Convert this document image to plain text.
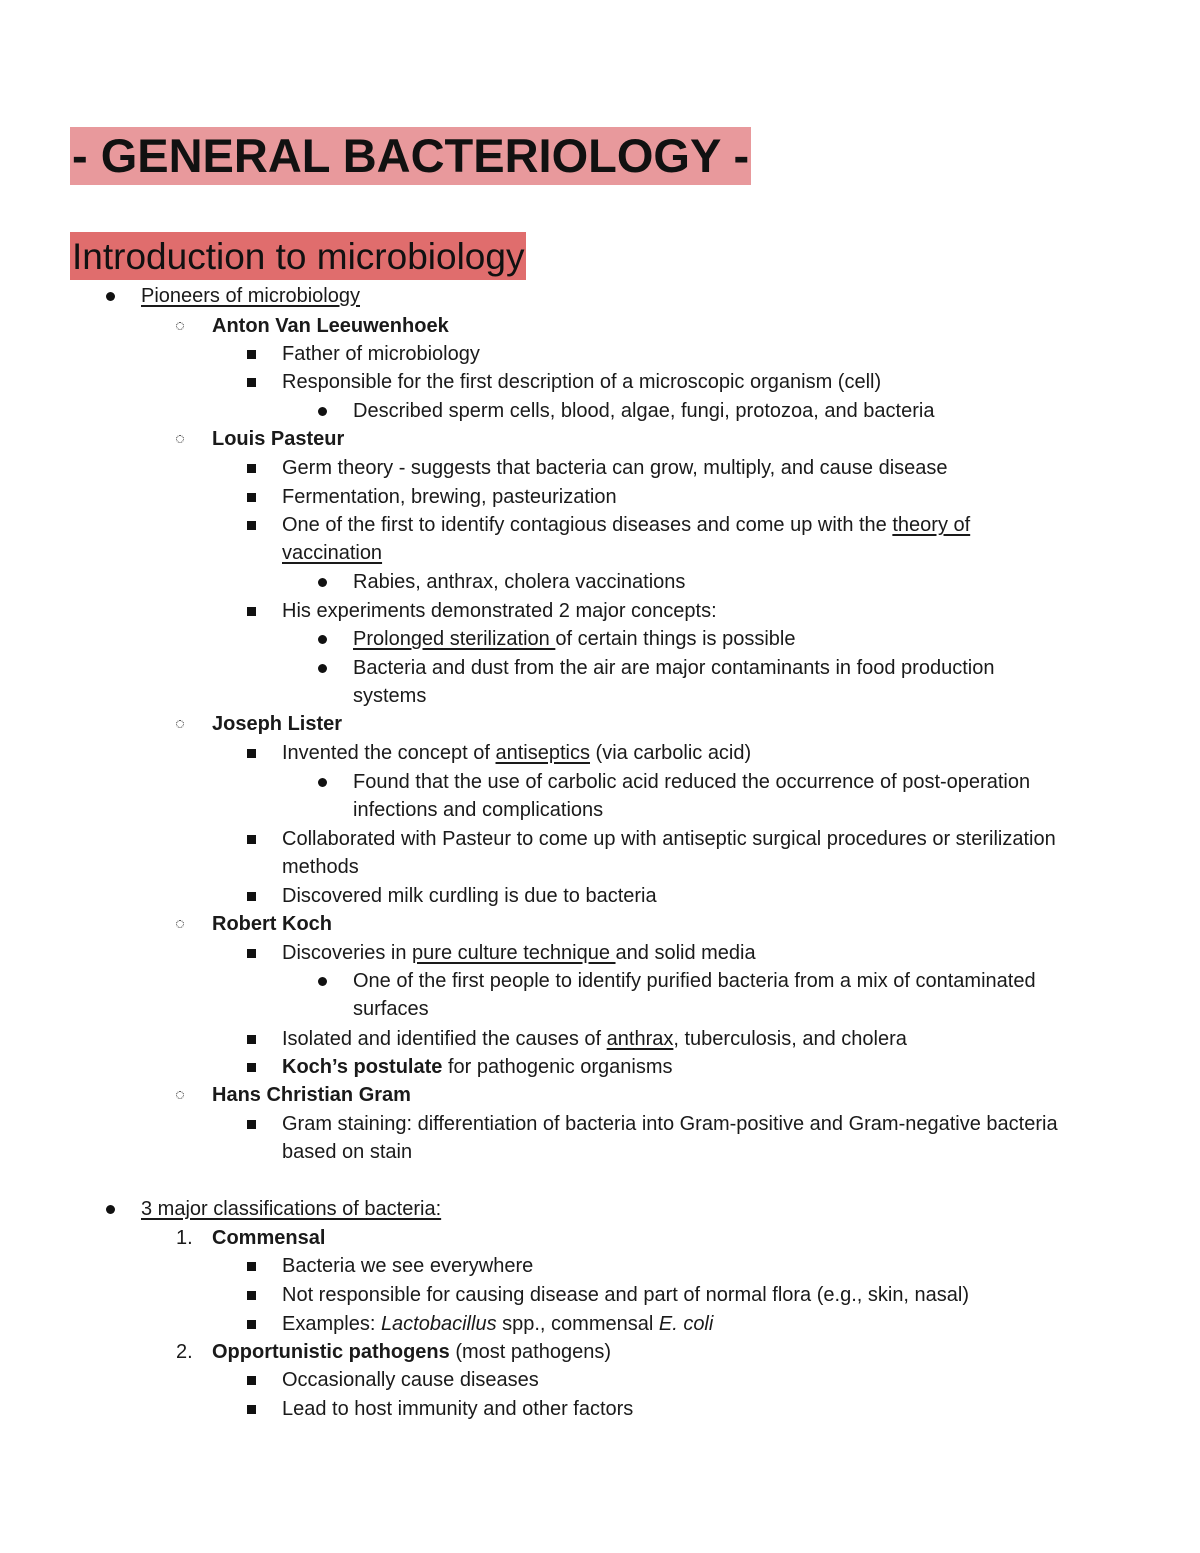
- GENERAL BACTERIOLOGY -
Introduction to microbiology
Pioneers of microbiology
Anton Van Leeuwenhoek
Father of microbiology
Responsible for the first description of a microscopic organism (cell)
Described sperm cells, blood, algae, fungi, protozoa, and bacteria
Louis Pasteur
Germ theory - suggests that bacteria can grow, multiply, and cause disease
Fermentation, brewing, pasteurization
One of the first to identify contagious diseases and come up with the theory of
vaccination
Rabies, anthrax, cholera vaccinations
His experiments demonstrated 2 major concepts:
Prolonged sterilization of certain things is possible
Bacteria and dust from the air are major contaminants in food production
systems
Joseph Lister
Invented the concept of antiseptics (via carbolic acid)
Found that the use of carbolic acid reduced the occurrence of post-operation
infections and complications
Collaborated with Pasteur to come up with antiseptic surgical procedures or sterilization
methods
Discovered milk curdling is due to bacteria
Robert Koch
Discoveries in pure culture technique and solid media
One of the first people to identify purified bacteria from a mix of contaminated
surfaces
Isolated and identified the causes of anthrax, tuberculosis, and cholera
Koch’s postulate for pathogenic organisms
Hans Christian Gram
Gram staining: differentiation of bacteria into Gram-positive and Gram-negative bacteria
based on stain
3 major classifications of bacteria:
1. Commensal
Bacteria we see everywhere
Not responsible for causing disease and part of normal flora (e.g., skin, nasal)
Examples: Lactobacillus spp., commensal E. coli
2. Opportunistic pathogens (most pathogens)
Occasionally cause diseases
Lead to host immunity and other factors
